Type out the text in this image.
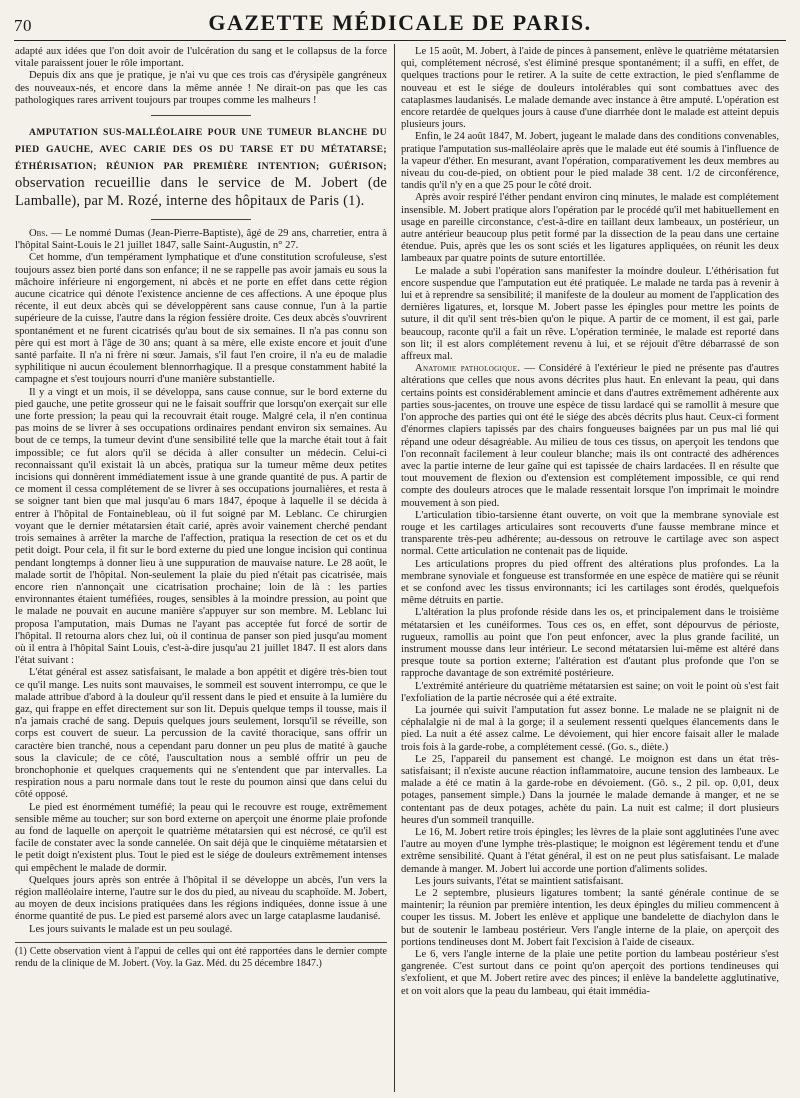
70	GAZETTE MÉDICALE DE PARIS.

adapté aux idées que l'on doit avoir de l'ulcération du sang et le collapsus de la force vitale paraissent jouer le rôle important.

Depuis dix ans que je pratique, je n'ai vu que ces trois cas d'érysipèle gangréneux des nouveaux-nés, et encore dans la même année ! Ne dirait-on pas que les cas pathologiques rares arrivent toujours par troupes comme les malheurs !

AMPUTATION SUS-MALLÉOLAIRE POUR UNE TUMEUR BLANCHE DU PIED GAUCHE, AVEC CARIE DES OS DU TARSE ET DU MÉTATARSE; ÉTHÉRISATION; RÉUNION PAR PREMIÈRE INTENTION; GUÉRISON; observation recueillie dans le service de M. Jobert (de Lamballe), par M. Rozé, interne des hôpitaux de Paris (1).

Obs. — Le nommé Dumas (Jean-Pierre-Baptiste), âgé de 29 ans, charretier, entra à l'hôpital Saint-Louis le 21 juillet 1847, salle Saint-Augustin, n° 27.

Cet homme, d'un tempérament lymphatique et d'une constitution scrofuleuse, s'est toujours assez bien porté dans son enfance; il ne se rappelle pas avoir jamais eu sous la mâchoire inférieure ni engorgement, ni abcès et ne porte en effet dans cette région aucune cicatrice qui dénote l'existence ancienne de ces affections. A une époque plus récente, il eut deux abcès qui se développèrent sans cause connue, l'un à la partie supérieure de la cuisse, l'autre dans la région fessière droite. Ces deux abcès s'ouvrirent spontanément et ne furent cicatrisés qu'au bout de six semaines. Il n'a pas connu son père qui est mort à l'âge de 30 ans; quant à sa mère, elle existe encore et jouit d'une santé parfaite. Il n'a ni frère ni sœur. Jamais, s'il faut l'en croire, il n'a eu de maladie syphilitique ni aucun écoulement blennorrhagique. Il a presque constamment habité la campagne et s'est toujours nourri d'une manière substantielle.

Il y a vingt et un mois, il se développa, sans cause connue, sur le bord externe du pied gauche, une petite grosseur qui ne le faisait souffrir que lorsqu'on exerçait sur elle une forte pression; la peau qui la recouvrait était rouge. Malgré cela, il n'en continua pas moins de se livrer à ses occupations ordinaires pendant environ six semaines. Au bout de ce temps, la tumeur devint d'une sensibilité telle que la marche était tout à fait impossible; ce fut alors qu'il se décida à aller consulter un médecin. Celui-ci reconnaissant qu'il existait là un abcès, pratiqua sur la tumeur même deux petites incisions qui donnèrent immédiatement issue à une grande quantité de pus. A partir de ce moment il cessa complétement de se livrer à ses occupations journalières, et resta à se soigner tant bien que mal jusqu'au 6 mars 1847, époque à laquelle il se décida à entrer à l'hôpital de Fontainebleau, où il fut soigné par M. Leblanc. Ce chirurgien voyant que le dernier métatarsien était carié, après avoir vainement cherché pendant trois semaines à arrêter la marche de l'affection, pratiqua la resection de cet os et du petit doigt. Pour cela, il fit sur le bord externe du pied une longue incision qui continua pendant longtemps à donner lieu à une suppuration de mauvaise nature. Le 28 août, le malade sortit de l'hôpital. Non-seulement la plaie du pied n'était pas cicatrisée, mais encore rien n'annonçait une cicatrisation prochaine; loin de là : les parties environnantes étaient tuméfiées, rouges, sensibles à la moindre pression, au point que le malade ne pouvait en aucune manière s'appuyer sur son membre. M. Leblanc lui proposa l'amputation, mais Dumas ne l'ayant pas acceptée fut forcé de sortir de l'hôpital. Il retourna alors chez lui, où il continua de panser son pied jusqu'au moment où il entra à l'hôpital Saint Louis, c'est-à-dire jusqu'au 21 juillet 1847. Il est alors dans l'état suivant :

L'état général est assez satisfaisant, le malade a bon appétit et digère très-bien tout ce qu'il mange. Les nuits sont mauvaises, le sommeil est souvent interrompu, ce que le malade attribue d'abord à la douleur qu'il ressent dans le pied et ensuite à la lumière du gaz, qui frappe en effet directement sur son lit. Depuis quelque temps il tousse, mais il n'a jamais craché de sang. Depuis quelques jours seulement, lorsqu'il se réveille, son corps est couvert de sueur. La percussion de la cavité thoracique, sans offrir un caractère bien tranché, nous a cependant paru donner un peu plus de matité à gauche sous la clavicule; de ce côté, l'auscultation nous a semblé offrir un peu de bronchophonie et quelques craquements qui ne s'entendent que par intervalles. La respiration nous a paru normale dans tout le reste du poumon ainsi que dans celui du côté opposé.

Le pied est énormément tuméfié; la peau qui le recouvre est rouge, extrêmement sensible même au toucher; sur son bord externe on aperçoit une énorme plaie profonde au fond de laquelle on aperçoit le quatrième métatarsien qui est nécrosé, ce qu'il est facile de constater avec la sonde cannelée. On sait déjà que le cinquième métatarsien et le petit doigt n'existent plus. Tout le pied est le siége de douleurs extrêmement intenses qui empêchent le malade de dormir.

Quelques jours après son entrée à l'hôpital il se développe un abcès, l'un vers la région malléolaire interne, l'autre sur le dos du pied, au niveau du scaphoïde. M. Jobert, au moyen de deux incisions pratiquées dans les régions indiquées, donne issue à une énorme quantité de pus. Le pied est parsemé alors avec un large cataplasme laudanisé.

Les jours suivants le malade est un peu soulagé.

(1) Cette observation vient à l'appui de celles qui ont été rapportées dans le dernier compte rendu de la clinique de M. Jobert. (Voy. la Gaz. Méd. du 25 décembre 1847.)

Le 15 août, M. Jobert, à l'aide de pinces à pansement, enlève le quatrième métatarsien qui, complétement nécrosé, s'est éliminé presque spontanément; il a suffi, en effet, de quelques tractions pour le retirer. A la suite de cette extraction, le pied s'enflamme de nouveau et est le siége de douleurs intolérables qui sont combattues avec des cataplasmes laudanisés. Le malade demande avec instance à être amputé. L'opération est encore retardée de quelques jours à cause d'une diarrhée dont le malade est atteint depuis plusieurs jours.

Enfin, le 24 août 1847, M. Jobert, jugeant le malade dans des conditions convenables, pratique l'amputation sus-malléolaire après que le malade eut été soumis à l'influence de la vapeur d'éther. En mesurant, avant l'opération, comparativement les deux membres au niveau du cou-de-pied, on obtient pour le pied malade 38 cent. 1/2 de circonférence, tandis qu'il n'y en a que 25 pour le côté droit.

Après avoir respiré l'éther pendant environ cinq minutes, le malade est complétement insensible. M. Jobert pratique alors l'opération par le procédé qu'il met habituellement en usage en pareille circonstance, c'est-à-dire en taillant deux lambeaux, un postérieur, un autre antérieur beaucoup plus petit formé par la dissection de la peau dans une certaine étendue. Puis, après que les os sont sciés et les ligatures appliquées, on réunit les deux lambeaux par quatre points de suture entortillée.

Le malade a subi l'opération sans manifester la moindre douleur. L'éthérisation fut encore suspendue que l'amputation eut été pratiquée. Le malade ne tarda pas à revenir à lui et à reprendre sa sensibilité; il manifeste de la douleur au moment de l'application des dernières ligatures, et, lorsque M. Jobert passe les épingles pour mettre les points de suture, il dit qu'il sent très-bien qu'on le pique. A partir de ce moment, il est gai, parle beaucoup, raconte qu'il a fait un rêve. L'opération terminée, le malade est reporté dans son lit; il est alors complétement revenu à lui, et se réjouit d'être débarrassé de son affreux mal.

Anatomie pathologique. — Considéré à l'extérieur le pied ne présente pas d'autres altérations que celles que nous avons décrites plus haut. En enlevant la peau, qui dans certains points est considérablement amincie et dans d'autres extrêmement adhérente aux parties sous-jacentes, on trouve une espèce de tissu lardacé qui se ramollit à mesure que l'on approche des parties qui ont été le siége des abcès décrits plus haut. Ceux-ci forment d'énormes clapiers tapissés par des chairs fongueuses baignées par un pus mal lié qui répand une odeur désagréable. Au milieu de tous ces tissus, on aperçoit les tendons que l'on reconnaît facilement à leur couleur blanche; mais ils ont contracté des adhérences avec la partie interne de leur gaîne qui est tapissée de chairs lardacées. Il en résulte que tout mouvement de flexion ou d'extension est complétement impossible, ce qui rend compte des douleurs atroces que le malade ressentait lorsque l'on imprimait le moindre mouvement à son pied.

L'articulation tibio-tarsienne étant ouverte, on voit que la membrane synoviale est rouge et les cartilages articulaires sont recouverts d'une fausse membrane mince et transparente très-peu adhérente; au-dessous on retrouve le cartilage avec son aspect normal. Cette articulation ne contenait pas de liquide.

Les articulations propres du pied offrent des altérations plus profondes. La la membrane synoviale et fongueuse est transformée en une espèce de matière qui se réunit et se confond avec les tissus environnants; ici les cartilages sont érodés, quelquefois même détruits en partie.

L'altération la plus profonde réside dans les os, et principalement dans le troisième métatarsien et les cunéiformes. Tous ces os, en effet, sont dépourvus de périoste, rugueux, ramollis au point que l'on peut enfoncer, avec la plus grande facilité, un instrument mousse dans leur intérieur. Le second métatarsien lui-même est altéré dans presque toute sa portion externe; l'altération est d'autant plus profonde que l'on se rapproche davantage de son extrémité postérieure.

L'extrémité antérieure du quatrième métatarsien est saine; on voit le point où s'est fait l'exfoliation de la partie nécrosée qui a été extraite.

La journée qui suivit l'amputation fut assez bonne. Le malade ne se plaignit ni de céphalalgie ni de mal à la gorge; il a seulement ressenti quelques élancements dans le pied. La nuit a été assez calme. Le dévoiement, qui hier encore faisait aller le malade trois fois à la garde-robe, a complétement cessé. (Go. s., diète.)

Le 25, l'appareil du pansement est changé. Le moignon est dans un état très-satisfaisant; il n'existe aucune réaction inflammatoire, aucune tension des lambeaux. Le malade a été ce matin à la garde-robe en dévoiement. (Gô. s., 2 pil. op. 0,01, deux potages, pansement simple.) Dans la journée le malade demande à manger, et ne se contentant pas de deux potages, achète du pain. La nuit est calme; il dort plusieurs heures d'un sommeil tranquille.

Le 16, M. Jobert retire trois épingles; les lèvres de la plaie sont agglutinées l'une avec l'autre au moyen d'une lymphe très-plastique; le moignon est légèrement tendu et d'une extrême sensibilité. Quant à l'état général, il est on ne peut plus satisfaisant. Le malade demande à manger. M. Jobert lui accorde une portion d'aliments solides.

Les jours suivants, l'état se maintient satisfaisant.

Le 2 septembre, plusieurs ligatures tombent; la santé générale continue de se maintenir; la réunion par première intention, les deux épingles du milieu commencent à couper les tissus. M. Jobert les enlève et applique une bandelette de diachylon dans le but de soutenir le lambeau postérieur. Vers l'angle interne de la plaie, on aperçoit des portions tendineuses dont M. Jobert fait l'excision à l'aide de ciseaux.

Le 6, vers l'angle interne de la plaie une petite portion du lambeau postérieur s'est gangrenée. C'est surtout dans ce point qu'on aperçoit des portions tendineuses qui s'exfolient, et que M. Jobert retire avec des pinces; il enlève la bandelette agglutinative, et on voit alors que la peau du lambeau, qui était immédia-
